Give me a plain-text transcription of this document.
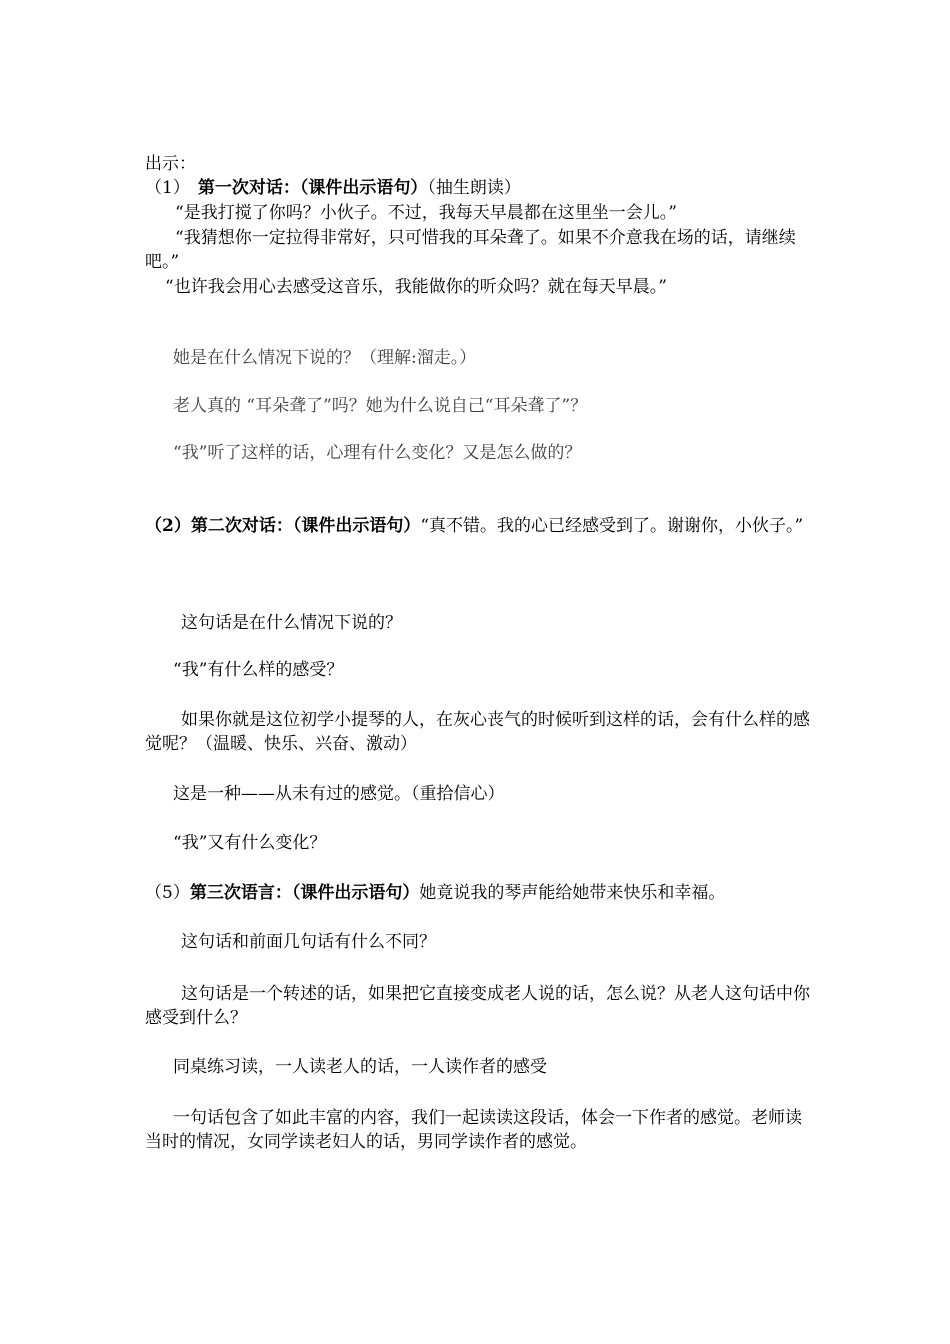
出示：
（1） 第一次对话：（课件出示语句）（抽生朗读）
“是我打搅了你吗？小伙子。不过，我每天早晨都在这里坐一会儿。”
“我猜想你一定拉得非常好，只可惜我的耳朵聋了。如果不介意我在场的话，请继续吧。”
“也许我会用心去感受这音乐，我能做你的听众吗？就在每天早晨。”
她是在什么情况下说的？（理解:溜走。）
老人真的 “耳朵聋了”吗？她为什么说自己“耳朵聋了”？
“我”听了这样的话，心理有什么变化？又是怎么做的？
（2）第二次对话：（课件出示语句）“真不错。我的心已经感受到了。谢谢你，小伙子。”
这句话是在什么情况下说的？
“我”有什么样的感受？
如果你就是这位初学小提琴的人，在灰心丧气的时候听到这样的话，会有什么样的感觉呢？（温暖、快乐、兴奋、激动）
这是一种——从未有过的感觉。（重拾信心）
“我”又有什么变化？
（5）第三次语言：（课件出示语句）她竟说我的琴声能给她带来快乐和幸福。
这句话和前面几句话有什么不同？
这句话是一个转述的话，如果把它直接变成老人说的话，怎么说？从老人这句话中你感受到什么？
同桌练习读，一人读老人的话，一人读作者的感受
一句话包含了如此丰富的内容，我们一起读读这段话，体会一下作者的感觉。老师读当时的情况，女同学读老妇人的话，男同学读作者的感觉。
